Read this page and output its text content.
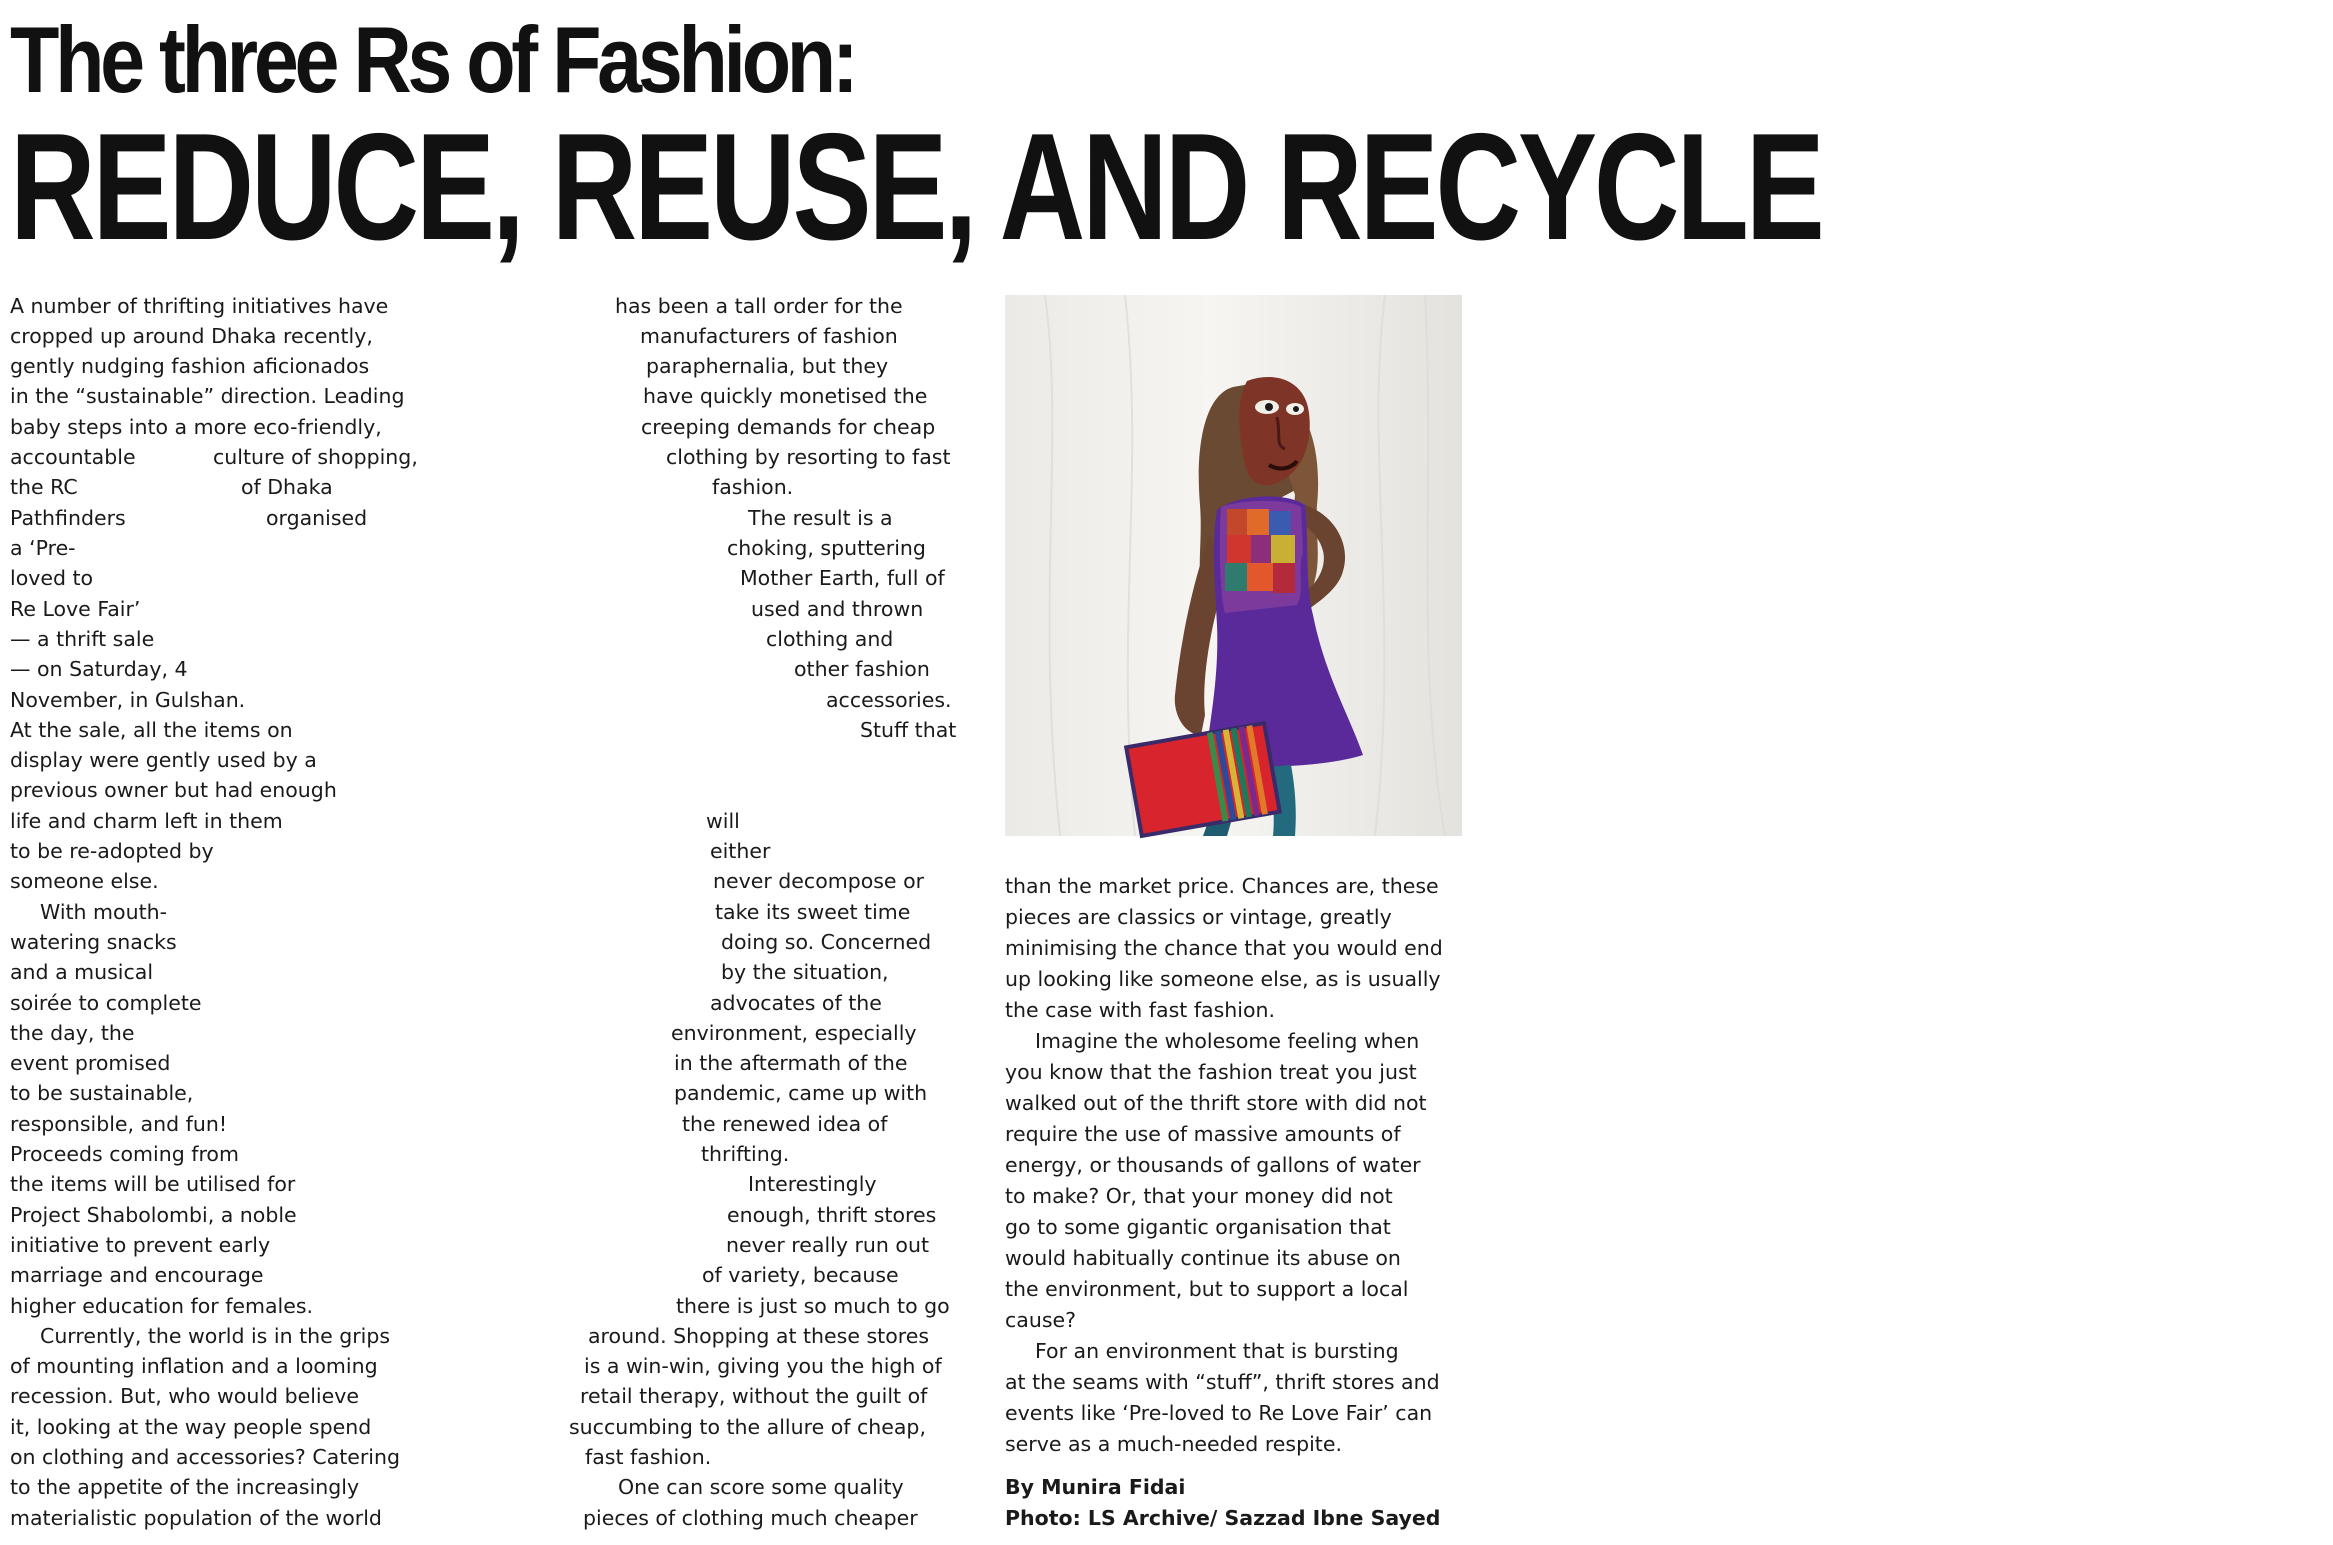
The three Rs of Fashion:
REDUCE, REUSE, AND RECYCLE
A number of thrifting initiatives have
cropped up around Dhaka recently,
gently nudging fashion aficionados
in the “sustainable” direction. Leading
baby steps into a more eco-friendly,
accountable	culture of shopping,
the RC	of Dhaka
Pathfinders	organised
a ‘Pre-
loved to
Re Love Fair’
— a thrift sale
— on Saturday, 4
November, in Gulshan.
At the sale, all the items on
display were gently used by a
previous owner but had enough
life and charm left in them
to be re-adopted by
someone else.
With mouth-
watering snacks
and a musical
soirée to complete
the day, the
event promised
to be sustainable,
responsible, and fun!
Proceeds coming from
the items will be utilised for
Project Shabolombi, a noble
initiative to prevent early
marriage and encourage
higher education for females.
Currently, the world is in the grips
of mounting inflation and a looming
recession. But, who would believe
it, looking at the way people spend
on clothing and accessories? Catering
to the appetite of the increasingly
materialistic population of the world
has been a tall order for the
manufacturers of fashion
paraphernalia, but they
have quickly monetised the
creeping demands for cheap
clothing by resorting to fast
fashion.
The result is a
choking, sputtering
Mother Earth, full of
used and thrown
clothing and
other fashion
accessories.
Stuff that
will
either
never decompose or
take its sweet time
doing so. Concerned
by the situation,
advocates of the
environment, especially
in the aftermath of the
pandemic, came up with
the renewed idea of
thrifting.
Interestingly
enough, thrift stores
never really run out
of variety, because
there is just so much to go
around. Shopping at these stores
is a win-win, giving you the high of
retail therapy, without the guilt of
succumbing to the allure of cheap,
fast fashion.
One can score some quality
pieces of clothing much cheaper
than the market price. Chances are, these
pieces are classics or vintage, greatly
minimising the chance that you would end
up looking like someone else, as is usually
the case with fast fashion.
Imagine the wholesome feeling when
you know that the fashion treat you just
walked out of the thrift store with did not
require the use of massive amounts of
energy, or thousands of gallons of water
to make? Or, that your money did not
go to some gigantic organisation that
would habitually continue its abuse on
the environment, but to support a local
cause?
For an environment that is bursting
at the seams with “stuff”, thrift stores and
events like ‘Pre-loved to Re Love Fair’ can
serve as a much-needed respite.
By Munira Fidai
Photo: LS Archive/ Sazzad Ibne Sayed
